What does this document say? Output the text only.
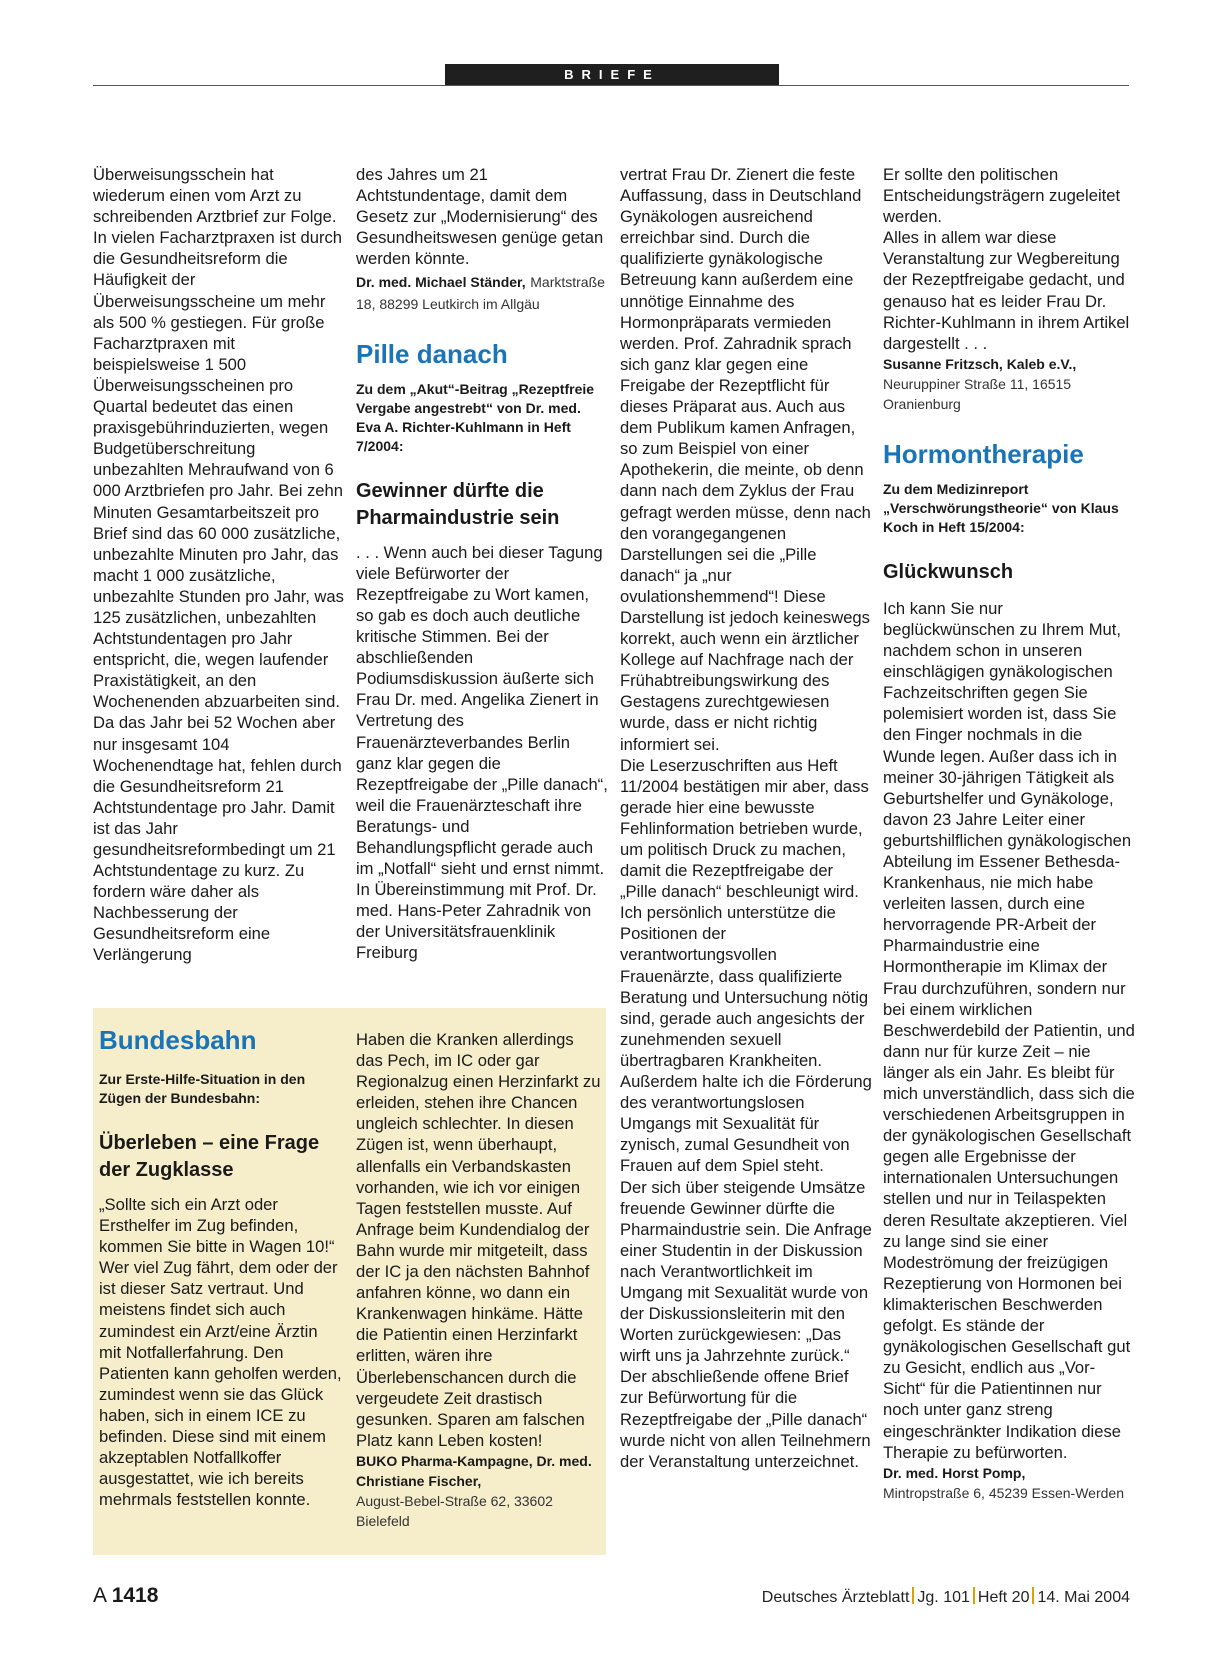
BRIEFE

Überweisungsschein hat wiederum einen vom Arzt zu schreibenden Arztbrief zur Folge.
In vielen Facharztpraxen ist durch die Gesundheitsreform die Häufigkeit der Überweisungsscheine um mehr als 500 % gestiegen. Für große Facharztpraxen mit beispielsweise 1 500 Überweisungsscheinen pro Quartal bedeutet das einen praxisgebührinduzierten, wegen Budgetüberschreitung unbezahlten Mehraufwand von 6 000 Arztbriefen pro Jahr. Bei zehn Minuten Gesamtarbeitszeit pro Brief sind das 60 000 zusätzliche, unbezahlte Minuten pro Jahr, das macht 1 000 zusätzliche, unbezahlte Stunden pro Jahr, was 125 zusätzlichen, unbezahlten Achtstundentagen pro Jahr entspricht, die, wegen laufender Praxistätigkeit, an den Wochenenden abzuarbeiten sind. Da das Jahr bei 52 Wochen aber nur insgesamt 104 Wochenendtage hat, fehlen durch die Gesundheitsreform 21 Achtstundentage pro Jahr. Damit ist das Jahr gesundheitsreformbedingt um 21 Achtstundentage zu kurz. Zu fordern wäre daher als Nachbesserung der Gesundheitsreform eine Verlängerung

des Jahres um 21 Achtstundentage, damit dem Gesetz zur „Modernisierung“ des Gesundheitswesen genüge getan werden könnte.

Dr. med. Michael Ständer, Marktstraße 18, 88299 Leutkirch im Allgäu

Pille danach

Zu dem „Akut“-Beitrag „Rezeptfreie Vergabe angestrebt“ von Dr. med. Eva A. Richter-Kuhlmann in Heft 7/2004:

Gewinner dürfte die Pharmaindustrie sein

. . . Wenn auch bei dieser Tagung viele Befürworter der Rezeptfreigabe zu Wort kamen, so gab es doch auch deutliche kritische Stimmen. Bei der abschließenden Podiumsdiskussion äußerte sich Frau Dr. med. Angelika Zienert in Vertretung des Frauenärzteverbandes Berlin ganz klar gegen die Rezeptfreigabe der „Pille danach“, weil die Frauenärzteschaft ihre Beratungs- und Behandlungspflicht gerade auch im „Notfall“ sieht und ernst nimmt. In Übereinstimmung mit Prof. Dr. med. Hans-Peter Zahradnik von der Universitätsfrauenklinik Freiburg

vertrat Frau Dr. Zienert die feste Auffassung, dass in Deutschland Gynäkologen ausreichend erreichbar sind. Durch die qualifizierte gynäkologische Betreuung kann außerdem eine unnötige Einnahme des Hormonpräparats vermieden werden. Prof. Zahradnik sprach sich ganz klar gegen eine Freigabe der Rezeptflicht für dieses Präparat aus. Auch aus dem Publikum kamen Anfragen, so zum Beispiel von einer Apothekerin, die meinte, ob denn dann nach dem Zyklus der Frau gefragt werden müsse, denn nach den vorangegangenen Darstellungen sei die „Pille danach“ ja „nur ovulationshemmend“! Diese Darstellung ist jedoch keineswegs korrekt, auch wenn ein ärztlicher Kollege auf Nachfrage nach der Frühabtreibungswirkung des Gestagens zurechtgewiesen wurde, dass er nicht richtig informiert sei.
Die Leserzuschriften aus Heft 11/2004 bestätigen mir aber, dass gerade hier eine bewusste Fehlinformation betrieben wurde, um politisch Druck zu machen, damit die Rezeptfreigabe der „Pille danach“ beschleunigt wird.
Ich persönlich unterstütze die Positionen der verantwortungsvollen Frauenärzte, dass qualifizierte Beratung und Untersuchung nötig sind, gerade auch angesichts der zunehmenden sexuell übertragbaren Krankheiten. Außerdem halte ich die Förderung des verantwortungslosen Umgangs mit Sexualität für zynisch, zumal Gesundheit von Frauen auf dem Spiel steht.
Der sich über steigende Umsätze freuende Gewinner dürfte die Pharmaindustrie sein. Die Anfrage einer Studentin in der Diskussion nach Verantwortlichkeit im Umgang mit Sexualität wurde von der Diskussionsleiterin mit den Worten zurückgewiesen: „Das wirft uns ja Jahrzehnte zurück.“ Der abschließende offene Brief zur Befürwortung für die Rezeptfreigabe der „Pille danach“ wurde nicht von allen Teilnehmern der Veranstaltung unterzeichnet.

Er sollte den politischen Entscheidungsträgern zugeleitet werden.
Alles in allem war diese Veranstaltung zur Wegbereitung der Rezeptfreigabe gedacht, und genauso hat es leider Frau Dr. Richter-Kuhlmann in ihrem Artikel dargestellt . . .

Susanne Fritzsch, Kaleb e.V.,
Neuruppiner Straße 11, 16515 Oranienburg
Hormontherapie

Zu dem Medizinreport „Verschwörungstheorie“ von Klaus Koch in Heft 15/2004:

Glückwunsch

Ich kann Sie nur beglückwünschen zu Ihrem Mut, nachdem schon in unseren einschlägigen gynäkologischen Fachzeitschriften gegen Sie polemisiert worden ist, dass Sie den Finger nochmals in die Wunde legen. Außer dass ich in meiner 30-jährigen Tätigkeit als Geburtshelfer und Gynäkologe, davon 23 Jahre Leiter einer geburtshilflichen gynäkologischen Abteilung im Essener Bethesda-Krankenhaus, nie mich habe verleiten lassen, durch eine hervorragende PR-Arbeit der Pharmaindustrie eine Hormontherapie im Klimax der Frau durchzuführen, sondern nur bei einem wirklichen Beschwerdebild der Patientin, und dann nur für kurze Zeit – nie länger als ein Jahr. Es bleibt für mich unverständlich, dass sich die verschiedenen Arbeitsgruppen in der gynäkologischen Gesellschaft gegen alle Ergebnisse der internationalen Untersuchungen stellen und nur in Teilaspekten deren Resultate akzeptieren. Viel zu lange sind sie einer Modeströmung der freizügigen Rezeptierung von Hormonen bei klimakterischen Beschwerden gefolgt. Es stände der gynäkologischen Gesellschaft gut zu Gesicht, endlich aus „Vor-Sicht“ für die Patientinnen nur noch unter ganz streng eingeschränkter Indikation diese Therapie zu befürworten.

Dr. med. Horst Pomp,
Mintropstraße 6, 45239 Essen-Werden
Bundesbahn

Zur Erste-Hilfe-Situation in den Zügen der Bundesbahn:

Überleben – eine Frage der Zugklasse

„Sollte sich ein Arzt oder Ersthelfer im Zug befinden, kommen Sie bitte in Wagen 10!“ Wer viel Zug fährt, dem oder der ist dieser Satz vertraut. Und meistens findet sich auch zumindest ein Arzt/eine Ärztin mit Notfallerfahrung. Den Patienten kann geholfen werden, zumindest wenn sie das Glück haben, sich in einem ICE zu befinden. Diese sind mit einem akzeptablen Notfallkoffer ausgestattet, wie ich bereits mehrmals feststellen konnte.

Haben die Kranken allerdings das Pech, im IC oder gar Regionalzug einen Herzinfarkt zu erleiden, stehen ihre Chancen ungleich schlechter. In diesen Zügen ist, wenn überhaupt, allenfalls ein Verbandskasten vorhanden, wie ich vor einigen Tagen feststellen musste. Auf Anfrage beim Kundendialog der Bahn wurde mir mitgeteilt, dass der IC ja den nächsten Bahnhof anfahren könne, wo dann ein Krankenwagen hinkäme. Hätte die Patientin einen Herzinfarkt erlitten, wären ihre Überlebenschancen durch die vergeudete Zeit drastisch gesunken. Sparen am falschen Platz kann Leben kosten!

BUKO Pharma-Kampagne, Dr. med. Christiane Fischer,
August-Bebel-Straße 62, 33602 Bielefeld
A 1418	Deutsches Ärzteblatt Jg. 101 Heft 20 14. Mai 2004
